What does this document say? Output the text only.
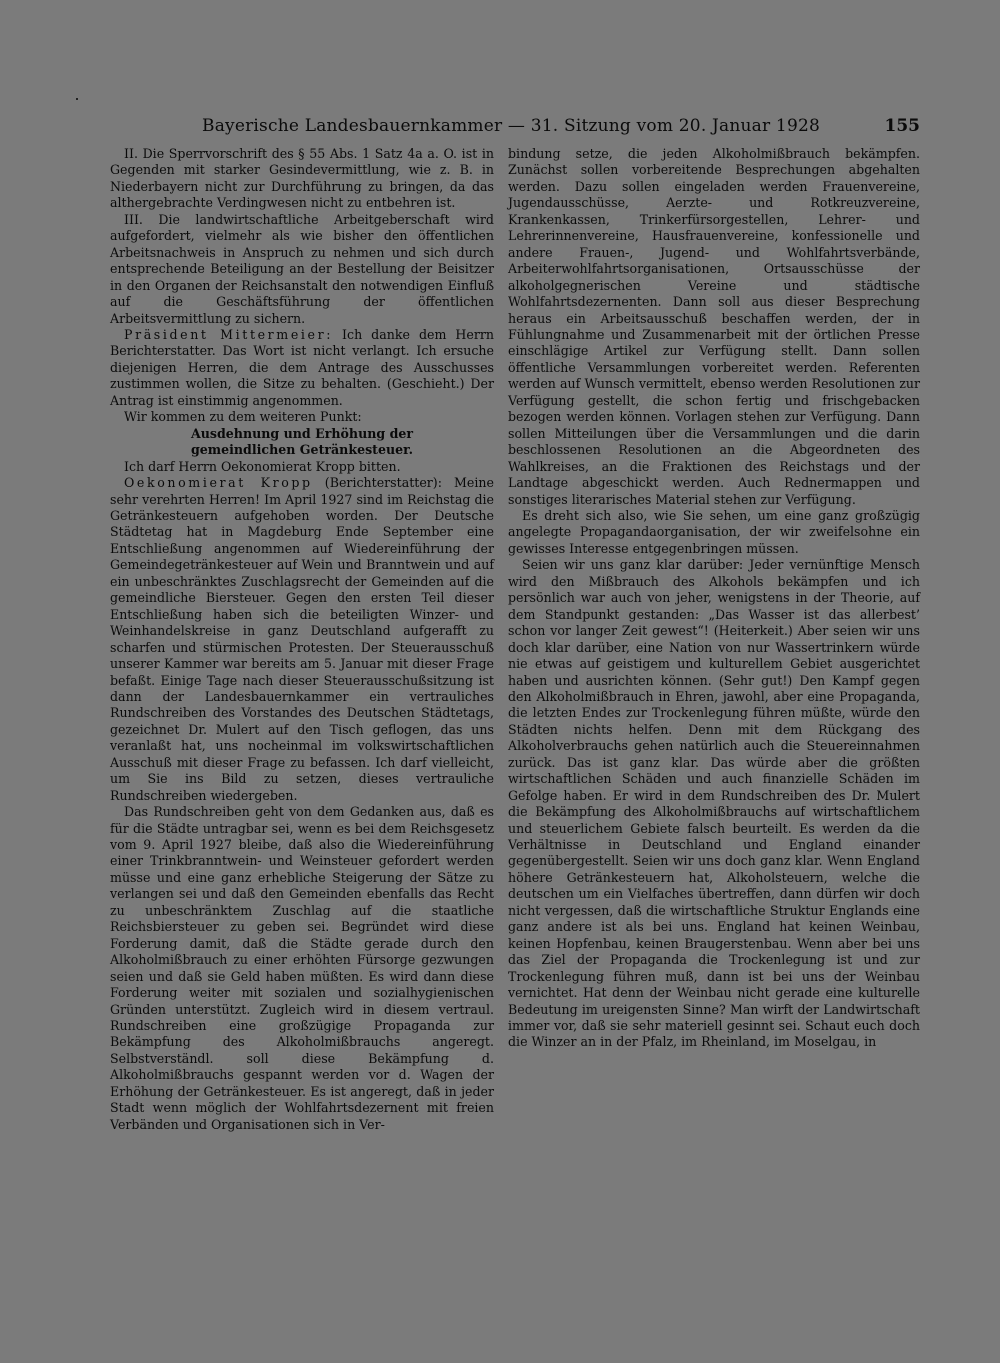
Bayerische Landesbauernkammer — 31. Sitzung vom 20. Januar 1928	155

II. Die Sperrvorschrift des § 55 Abs. 1 Satz 4a a. O. ist in Gegenden mit starker Gesindevermittlung, wie z. B. in Niederbayern nicht zur Durchführung zu bringen, da das althergebrachte Verdingwesen nicht zu entbehren ist.

III. Die landwirtschaftliche Arbeitgeberschaft wird aufgefordert, vielmehr als wie bisher den öffentlichen Arbeitsnachweis in Anspruch zu nehmen und sich durch entsprechende Beteiligung an der Bestellung der Beisitzer in den Organen der Reichsanstalt den notwendigen Einfluß auf die Geschäftsführung der öffentlichen Arbeitsvermittlung zu sichern.

Präsident Mittermeier: Ich danke dem Herrn Berichterstatter. Das Wort ist nicht verlangt. Ich ersuche diejenigen Herren, die dem Antrage des Ausschusses zustimmen wollen, die Sitze zu behalten. (Geschieht.) Der Antrag ist einstimmig angenommen.

Wir kommen zu dem weiteren Punkt:

Ausdehnung und Erhöhung der gemeindlichen Getränkesteuer.

Ich darf Herrn Oekonomierat Kropp bitten.

Oekonomierat Kropp (Berichterstatter): Meine sehr verehrten Herren! Im April 1927 sind im Reichstag die Getränkesteuern aufgehoben worden. Der Deutsche Städtetag hat in Magdeburg Ende September eine Entschließung angenommen auf Wiedereinführung der Gemeindegetränkesteuer auf Wein und Branntwein und auf ein unbeschränktes Zuschlagsrecht der Gemeinden auf die gemeindliche Biersteuer. Gegen den ersten Teil dieser Entschließung haben sich die beteiligten Winzer- und Weinhandelskreise in ganz Deutschland aufgerafft zu scharfen und stürmischen Protesten. Der Steuerausschuß unserer Kammer war bereits am 5. Januar mit dieser Frage befaßt. Einige Tage nach dieser Steuerausschußsitzung ist dann der Landesbauernkammer ein vertrauliches Rundschreiben des Vorstandes des Deutschen Städtetags, gezeichnet Dr. Mulert auf den Tisch geflogen, das uns veranlaßt hat, uns nocheinmal im volkswirtschaftlichen Ausschuß mit dieser Frage zu befassen. Ich darf vielleicht, um Sie ins Bild zu setzen, dieses vertrauliche Rundschreiben wiedergeben.

Das Rundschreiben geht von dem Gedanken aus, daß es für die Städte untragbar sei, wenn es bei dem Reichsgesetz vom 9. April 1927 bleibe, daß also die Wiedereinführung einer Trinkbranntwein- und Weinsteuer gefordert werden müsse und eine ganz erhebliche Steigerung der Sätze zu verlangen sei und daß den Gemeinden ebenfalls das Recht zu unbeschränktem Zuschlag auf die staatliche Reichsbiersteuer zu geben sei. Begründet wird diese Forderung damit, daß die Städte gerade durch den Alkoholmißbrauch zu einer erhöhten Fürsorge gezwungen seien und daß sie Geld haben müßten. Es wird dann diese Forderung weiter mit sozialen und sozialhygienischen Gründen unterstützt. Zugleich wird in diesem vertraul. Rundschreiben eine großzügige Propaganda zur Bekämpfung des Alkoholmißbrauchs angeregt. Selbstverständl. soll diese Bekämpfung d. Alkoholmißbrauchs gespannt werden vor d. Wagen der Erhöhung der Getränkesteuer. Es ist angeregt, daß in jeder Stadt wenn möglich der Wohlfahrtsdezernent mit freien Verbänden und Organisationen sich in Ver-

bindung setze, die jeden Alkoholmißbrauch bekämpfen. Zunächst sollen vorbereitende Besprechungen abgehalten werden. Dazu sollen eingeladen werden Frauenvereine, Jugendausschüsse, Aerzte- und Rotkreuzvereine, Krankenkassen, Trinkerfürsorgestellen, Lehrer- und Lehrerinnenvereine, Hausfrauenvereine, konfessionelle und andere Frauen-, Jugend- und Wohlfahrtsverbände, Arbeiterwohlfahrtsorganisationen, Ortsausschüsse der alkoholgegnerischen Vereine und städtische Wohlfahrtsdezernenten. Dann soll aus dieser Besprechung heraus ein Arbeitsausschuß beschaffen werden, der in Fühlungnahme und Zusammenarbeit mit der örtlichen Presse einschlägige Artikel zur Verfügung stellt. Dann sollen öffentliche Versammlungen vorbereitet werden. Referenten werden auf Wunsch vermittelt, ebenso werden Resolutionen zur Verfügung gestellt, die schon fertig und frischgebacken bezogen werden können. Vorlagen stehen zur Verfügung. Dann sollen Mitteilungen über die Versammlungen und die darin beschlossenen Resolutionen an die Abgeordneten des Wahlkreises, an die Fraktionen des Reichstags und der Landtage abgeschickt werden. Auch Rednermappen und sonstiges literarisches Material stehen zur Verfügung.

Es dreht sich also, wie Sie sehen, um eine ganz großzügig angelegte Propagandaorganisation, der wir zweifelsohne ein gewisses Interesse entgegenbringen müssen.

Seien wir uns ganz klar darüber: Jeder vernünftige Mensch wird den Mißbrauch des Alkohols bekämpfen und ich persönlich war auch von jeher, wenigstens in der Theorie, auf dem Standpunkt gestanden: „Das Wasser ist das allerbest’ schon vor langer Zeit gewest“! (Heiterkeit.) Aber seien wir uns doch klar darüber, eine Nation von nur Wassertrinkern würde nie etwas auf geistigem und kulturellem Gebiet ausgerichtet haben und ausrichten können. (Sehr gut!) Den Kampf gegen den Alkoholmißbrauch in Ehren, jawohl, aber eine Propaganda, die letzten Endes zur Trockenlegung führen müßte, würde den Städten nichts helfen. Denn mit dem Rückgang des Alkoholverbrauchs gehen natürlich auch die Steuereinnahmen zurück. Das ist ganz klar. Das würde aber die größten wirtschaftlichen Schäden und auch finanzielle Schäden im Gefolge haben. Er wird in dem Rundschreiben des Dr. Mulert die Bekämpfung des Alkoholmißbrauchs auf wirtschaftlichem und steuerlichem Gebiete falsch beurteilt. Es werden da die Verhältnisse in Deutschland und England einander gegenübergestellt. Seien wir uns doch ganz klar. Wenn England höhere Getränkesteuern hat, Alkoholsteuern, welche die deutschen um ein Vielfaches übertreffen, dann dürfen wir doch nicht vergessen, daß die wirtschaftliche Struktur Englands eine ganz andere ist als bei uns. England hat keinen Weinbau, keinen Hopfenbau, keinen Braugerstenbau. Wenn aber bei uns das Ziel der Propaganda die Trockenlegung ist und zur Trockenlegung führen muß, dann ist bei uns der Weinbau vernichtet. Hat denn der Weinbau nicht gerade eine kulturelle Bedeutung im ureigensten Sinne? Man wirft der Landwirtschaft immer vor, daß sie sehr materiell gesinnt sei. Schaut euch doch die Winzer an in der Pfalz, im Rheinland, im Moselgau, in
